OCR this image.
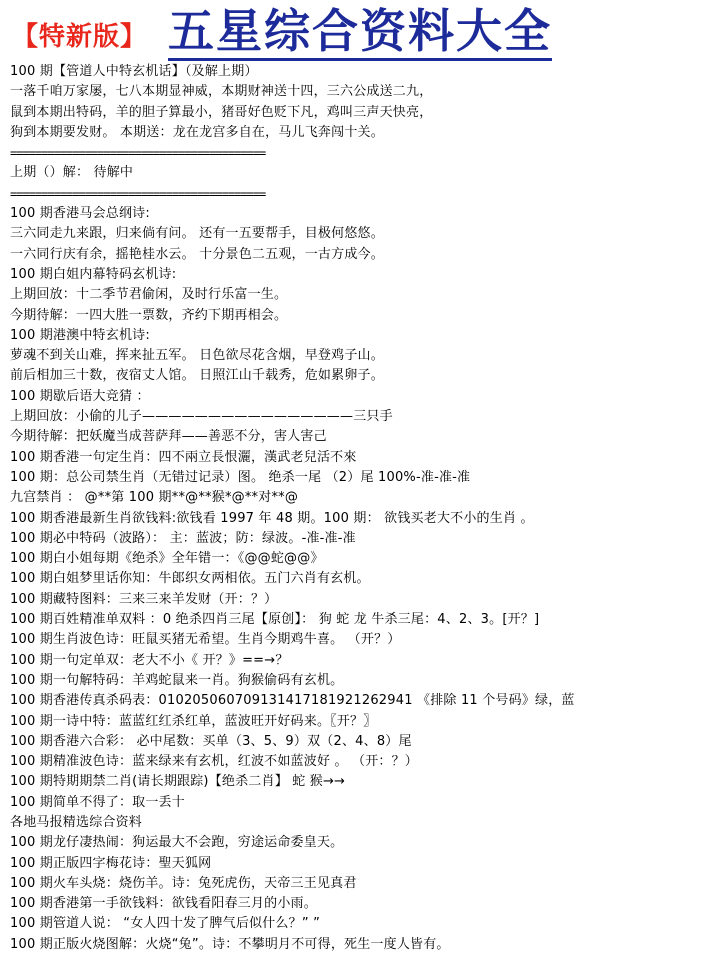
【特新版】 五星综合资料大全
100 期【管道人中特玄机话】（及解上期）
一落千咱万家屡，七八本期显神威，本期财神送十四，三六公成送二九，
鼠到本期出特码，羊的胆子算最小，猪哥好色贬下凡，鸡叫三声天快亮，
狗到本期要发财。 本期送：龙在龙宫多自在，马儿飞奔闯十关。
=========================================
上期（）解： 待解中
=========================================
100 期香港马会总纲诗:
三六同走九来跟，归来倘有问。 还有一五要帮手，目极何悠悠。
一六同行庆有余，摇艳桂水云。 十分景色二五观，一古方成今。
100 期白姐内幕特码玄机诗:
上期回放：十二季节君偷闲，及时行乐富一生。
今期待解：一四大胜一票数，齐约下期再相会。
100 期港澳中特玄机诗:
萝魂不到关山难，挥来扯五军。 日色欲尽花含烟，早登鸡子山。
前后相加三十数，夜宿丈人馆。 日照江山千载秀，危如累卵子。
100 期歇后语大竞猜 ：
上期回放：小偷的儿子————————————————三只手
今期待解：把妖魔当成菩萨拜——善恶不分，害人害己
100 期香港一句定生肖：四不兩立長恨灑，漢武老兒活不來
100 期：总公司禁生肖（无错过记录）图。 绝杀一尾 （2）尾 100%-准-准-准
九宫禁肖 ： @**第 100 期**@**猴*@**对**@
100 期香港最新生肖欲钱料:欲钱看 1997 年 48 期。100 期： 欲钱买老大不小的生肖 。
100 期必中特码（波路）： 主：蓝波；防：绿波。-准-准-准
100 期白小姐每期《绝杀》全年错一：《@@蛇@@》
100 期白姐梦里话你知：牛郎织女两相依。五门六肖有玄机。
100 期藏特图料：三来三来羊发财（开：？）
100 期百姓精准单双料 ：0 绝杀四肖三尾【原创】： 狗 蛇 龙 牛杀三尾：4、2、3。[开？]
100 期生肖波色诗：旺鼠买猪无希望。生肖今期鸡牛喜。 （开？）
100 期一句定单双：老大不小《 开？》==→？
100 期一句解特码：羊鸡蛇鼠来一肖。狗猴偷码有玄机。
100 期香港传真杀码表：010205060709131417181921262941 《排除 11 个号码》绿，蓝
100 期一诗中特：蓝蓝红红杀红单，蓝波旺开好码来。〖开？〗
100 期香港六合彩： 必中尾数：买单（3、5、9）双（2、4、8）尾
100 期精准波色诗：蓝来绿来有玄机，红波不如蓝波好 。 （开：？）
100 期特期期禁二肖(请长期跟踪)【绝杀二肖】 蛇 猴→→
100 期简单不得了：取一丢十
各地马报精选综合资料
100 期龙仔凄热闹：狗运最大不会跑，穷途运命委皇天。
100 期正版四字梅花诗：聖天狐网
100 期火车头烧：烧伤羊。诗：兔死虎伤，天帝三王见真君
100 期香港第一手欲钱料：欲钱看阳春三月的小雨。
100 期管道人说： “女人四十发了脾气后似什么？” ”
100 期正版火烧图解：火烧“兔”。诗：不攀明月不可得，死生一度人皆有。
